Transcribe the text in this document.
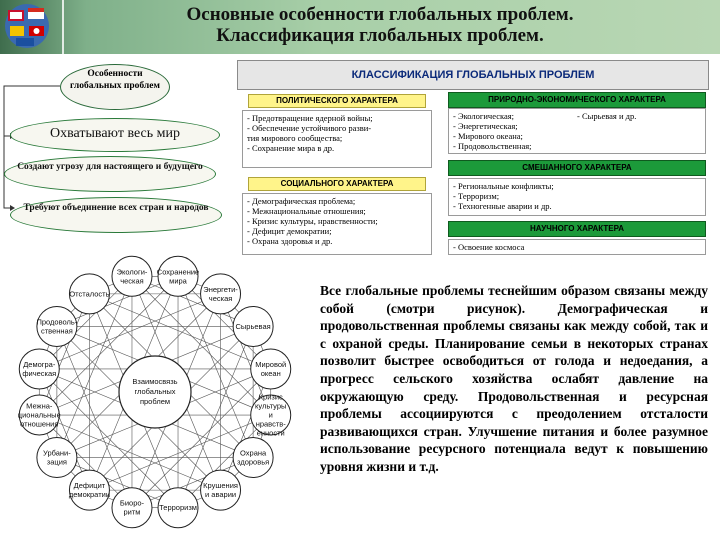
Основные особенности глобальных проблем.
Классификация глобальных проблем.
Особенности глобальных проблем
Охватывают весь мир
Создают угрозу для настоящего и будущего
Требуют объединение всех стран и народов
КЛАССИФИКАЦИЯ ГЛОБАЛЬНЫХ ПРОБЛЕМ
ПОЛИТИЧЕСКОГО ХАРАКТЕРА
- Предотвращение ядерной войны;
- Обеспечение устойчивого разви-
тия мирового сообщества;
- Сохранение мира в др.
СОЦИАЛЬНОГО ХАРАКТЕРА
- Демографическая проблема;
- Межнациональные отношения;
- Кризис культуры, нравственности;
- Дефицит демократии;
- Охрана здоровья и др.
ПРИРОДНО-ЭКОНОМИЧЕСКОГО ХАРАКТЕРА
- Экологическая;
- Энергетическая;
- Мирового океана;
- Продовольственная;
- Сырьевая и др.
СМЕШАННОГО ХАРАКТЕРА
- Региональные конфликты;
- Терроризм;
- Техногенные аварии и др.
НАУЧНОГО ХАРАКТЕРА
- Освоение космоса
Взаимосвязь
глобальных
проблем
Экологи-
ческая
Сохранение
мира
Энергети-
ческая
Сырьевая
Мировой
океан
Кризис
культуры
и
нравств-
енности
Охрана
здоровья
Крушения
и аварии
Терроризм
Биоро-
ритм
Дефицит
демократии
Урбани-
зация
Межна-
циональные
отношения
Демогра-
фическая
Продоволь-
ственная
Отсталость	Все глобальные проблемы теснейшим образом связаны между собой (смотри рисунок). Демографическая и продовольственная проблемы связаны как между собой, так и с охраной среды. Планирование семьи в некоторых странах позволит быстрее освободиться от голода и недоедания, а прогресс сельского хозяйства ослабят давление на окружающую среду. Продовольственная и ресурсная проблемы ассоциируются с преодолением отсталости развивающихся стран. Улучшение питания и более разумное использование ресурсного потенциала ведут к повышению уровня жизни и т.д.
